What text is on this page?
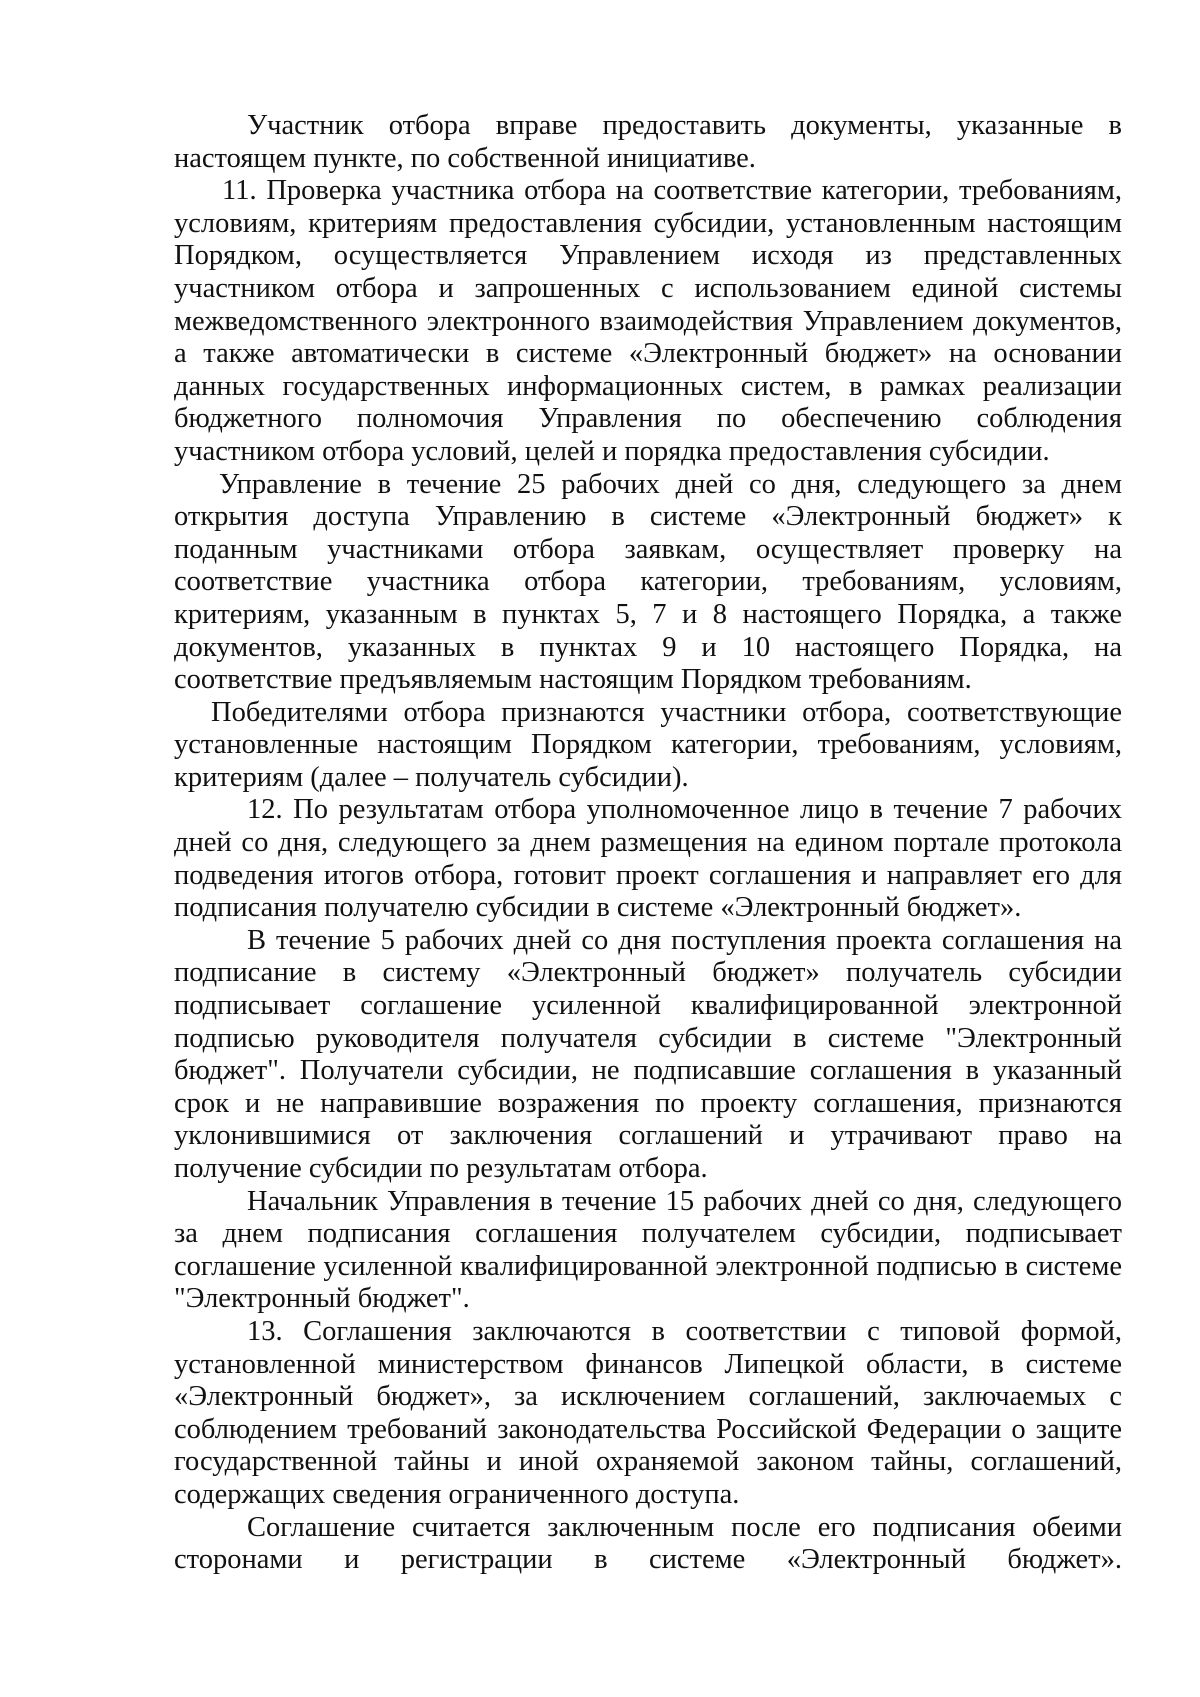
Участник отбора вправе предоставить документы, указанные в настоящем пункте, по собственной инициативе.

11. Проверка участника отбора на соответствие категории, требованиям, условиям, критериям предоставления субсидии, установленным настоящим Порядком, осуществляется Управлением исходя из представленных участником отбора и запрошенных с использованием единой системы межведомственного электронного взаимодействия Управлением документов, а также автоматически в системе «Электронный бюджет» на основании данных государственных информационных систем, в рамках реализации бюджетного полномочия Управления по обеспечению соблюдения участником отбора условий, целей и порядка предоставления субсидии.

Управление в течение 25 рабочих дней со дня, следующего за днем открытия доступа Управлению в системе «Электронный бюджет» к поданным участниками отбора заявкам, осуществляет проверку на соответствие участника отбора категории, требованиям, условиям, критериям, указанным в пунктах 5, 7 и 8 настоящего Порядка, а также документов, указанных в пунктах 9 и 10 настоящего Порядка, на соответствие предъявляемым настоящим Порядком требованиям.

Победителями отбора признаются участники отбора, соответствующие установленные настоящим Порядком категории, требованиям, условиям, критериям (далее – получатель субсидии).

12. По результатам отбора уполномоченное лицо в течение 7 рабочих дней со дня, следующего за днем размещения на едином портале протокола подведения итогов отбора, готовит проект соглашения и направляет его для подписания получателю субсидии в системе «Электронный бюджет».

В течение 5 рабочих дней со дня поступления проекта соглашения на подписание в систему «Электронный бюджет» получатель субсидии подписывает соглашение усиленной квалифицированной электронной подписью руководителя получателя субсидии в системе "Электронный бюджет". Получатели субсидии, не подписавшие соглашения в указанный срок и не направившие возражения по проекту соглашения, признаются уклонившимися от заключения соглашений и утрачивают право на получение субсидии по результатам отбора.

Начальник Управления в течение 15 рабочих дней со дня, следующего за днем подписания соглашения получателем субсидии, подписывает соглашение усиленной квалифицированной электронной подписью в системе "Электронный бюджет".

13. Соглашения заключаются в соответствии с типовой формой, установленной министерством финансов Липецкой области, в системе «Электронный бюджет», за исключением соглашений, заключаемых с соблюдением требований законодательства Российской Федерации о защите государственной тайны и иной охраняемой законом тайны, соглашений, содержащих сведения ограниченного доступа.

Соглашение считается заключенным после его подписания обеими сторонами и регистрации в системе «Электронный бюджет».
